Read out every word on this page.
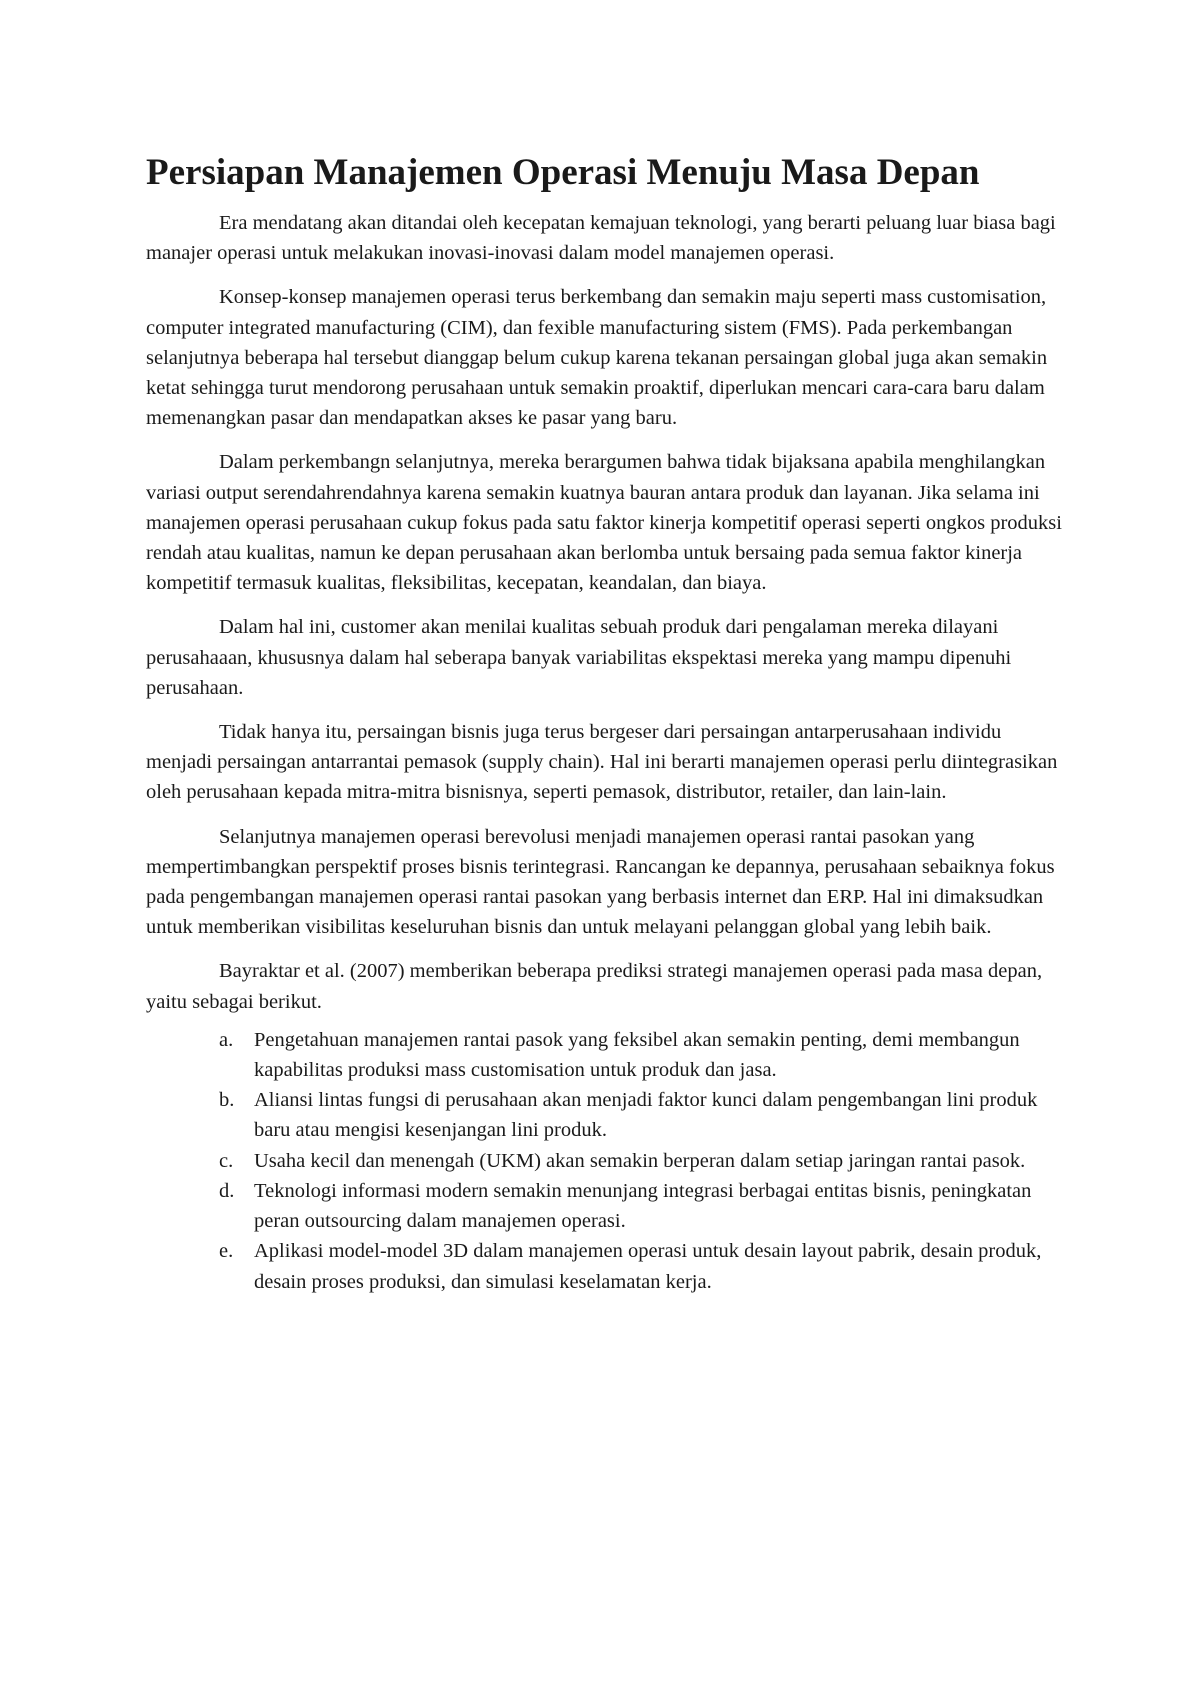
Persiapan Manajemen Operasi Menuju Masa Depan

Era mendatang akan ditandai oleh kecepatan kemajuan teknologi, yang berarti peluang luar biasa bagi manajer operasi untuk melakukan inovasi-inovasi dalam model manajemen operasi.

Konsep-konsep manajemen operasi terus berkembang dan semakin maju seperti mass customisation, computer integrated manufacturing (CIM), dan fexible manufacturing sistem (FMS). Pada perkembangan selanjutnya beberapa hal tersebut dianggap belum cukup karena tekanan persaingan global juga akan semakin ketat sehingga turut mendorong perusahaan untuk semakin proaktif, diperlukan mencari cara-cara baru dalam memenangkan pasar dan mendapatkan akses ke pasar yang baru.

Dalam perkembangn selanjutnya, mereka berargumen bahwa tidak bijaksana apabila menghilangkan variasi output serendahrendahnya karena semakin kuatnya bauran antara produk dan layanan. Jika selama ini manajemen operasi perusahaan cukup fokus pada satu faktor kinerja kompetitif operasi seperti ongkos produksi rendah atau kualitas, namun ke depan perusahaan akan berlomba untuk bersaing pada semua faktor kinerja kompetitif termasuk kualitas, fleksibilitas, kecepatan, keandalan, dan biaya.

Dalam hal ini, customer akan menilai kualitas sebuah produk dari pengalaman mereka dilayani perusahaaan, khususnya dalam hal seberapa banyak variabilitas ekspektasi mereka yang mampu dipenuhi perusahaan.

Tidak hanya itu, persaingan bisnis juga terus bergeser dari persaingan antarperusahaan individu menjadi persaingan antarrantai pemasok (supply chain). Hal ini berarti manajemen operasi perlu diintegrasikan oleh perusahaan kepada mitra-mitra bisnisnya, seperti pemasok, distributor, retailer, dan lain-lain.

Selanjutnya manajemen operasi berevolusi menjadi manajemen operasi rantai pasokan yang mempertimbangkan perspektif proses bisnis terintegrasi. Rancangan ke depannya, perusahaan sebaiknya fokus pada pengembangan manajemen operasi rantai pasokan yang berbasis internet dan ERP. Hal ini dimaksudkan untuk memberikan visibilitas keseluruhan bisnis dan untuk melayani pelanggan global yang lebih baik.

Bayraktar et al. (2007) memberikan beberapa prediksi strategi manajemen operasi pada masa depan, yaitu sebagai berikut.

a. Pengetahuan manajemen rantai pasok yang feksibel akan semakin penting, demi membangun kapabilitas produksi mass customisation untuk produk dan jasa.
b. Aliansi lintas fungsi di perusahaan akan menjadi faktor kunci dalam pengembangan lini produk baru atau mengisi kesenjangan lini produk.
c. Usaha kecil dan menengah (UKM) akan semakin berperan dalam setiap jaringan rantai pasok.
d. Teknologi informasi modern semakin menunjang integrasi berbagai entitas bisnis, peningkatan peran outsourcing dalam manajemen operasi.
e. Aplikasi model-model 3D dalam manajemen operasi untuk desain layout pabrik, desain produk, desain proses produksi, dan simulasi keselamatan kerja.
